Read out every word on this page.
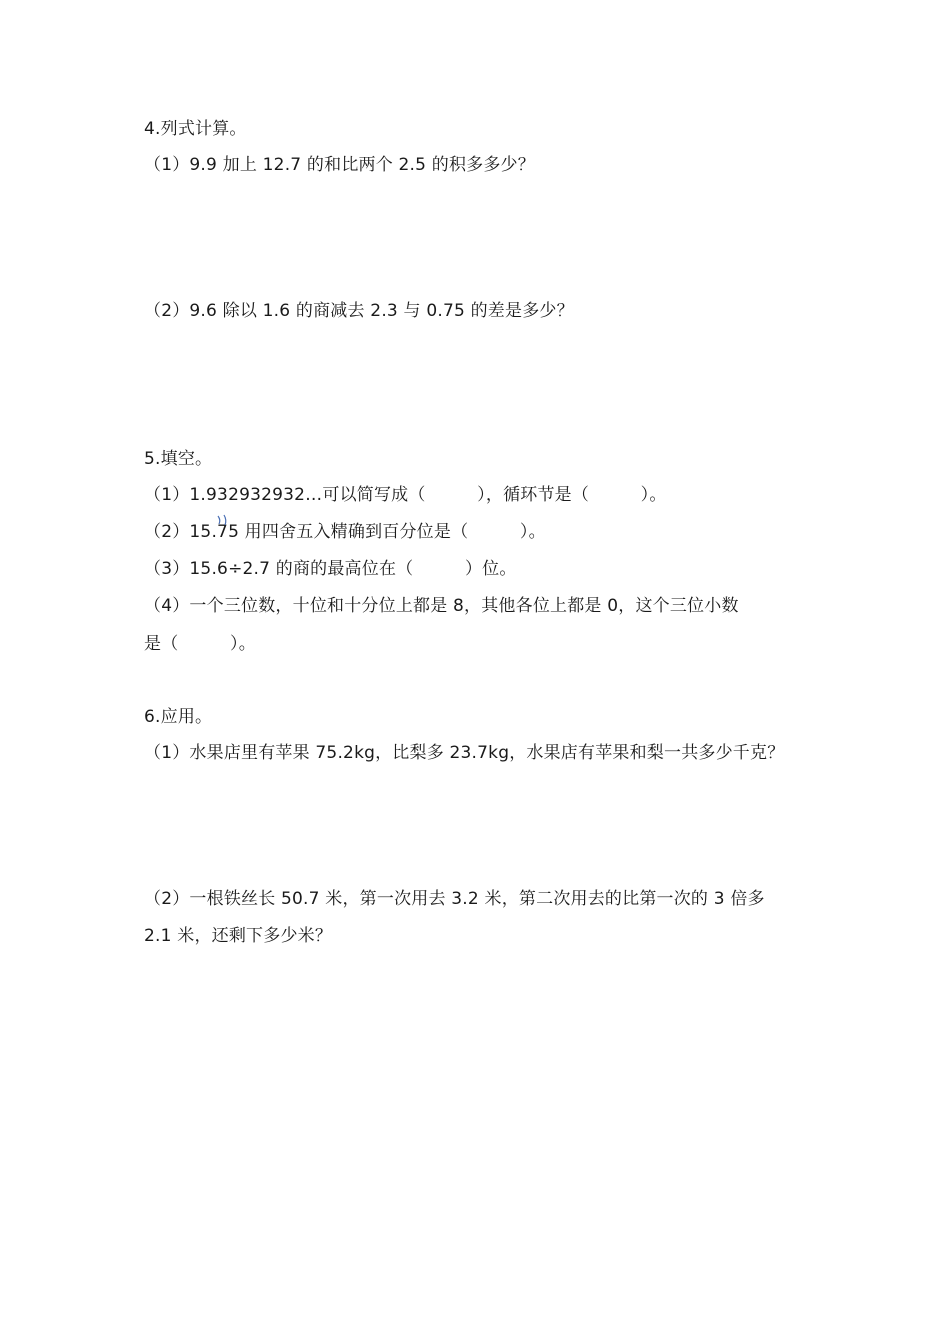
4.列式计算。
（1）9.9 加上 12.7 的和比两个 2.5 的积多多少？
（2）9.6 除以 1.6 的商减去 2.3 与 0.75 的差是多少？
5.填空。
（1）1.932932932…可以简写成（　　　），循环节是（　　　）。
（2）15.75 用四舍五入精确到百分位是（　　　）。
（3）15.6÷2.7 的商的最高位在（　　　）位。
（4）一个三位数，十位和十分位上都是 8，其他各位上都是 0，这个三位小数
是（　　　）。
6.应用。
（1）水果店里有苹果 75.2kg，比梨多 23.7kg，水果店有苹果和梨一共多少千克？
（2）一根铁丝长 50.7 米，第一次用去 3.2 米，第二次用去的比第一次的 3 倍多
2.1 米，还剩下多少米？
